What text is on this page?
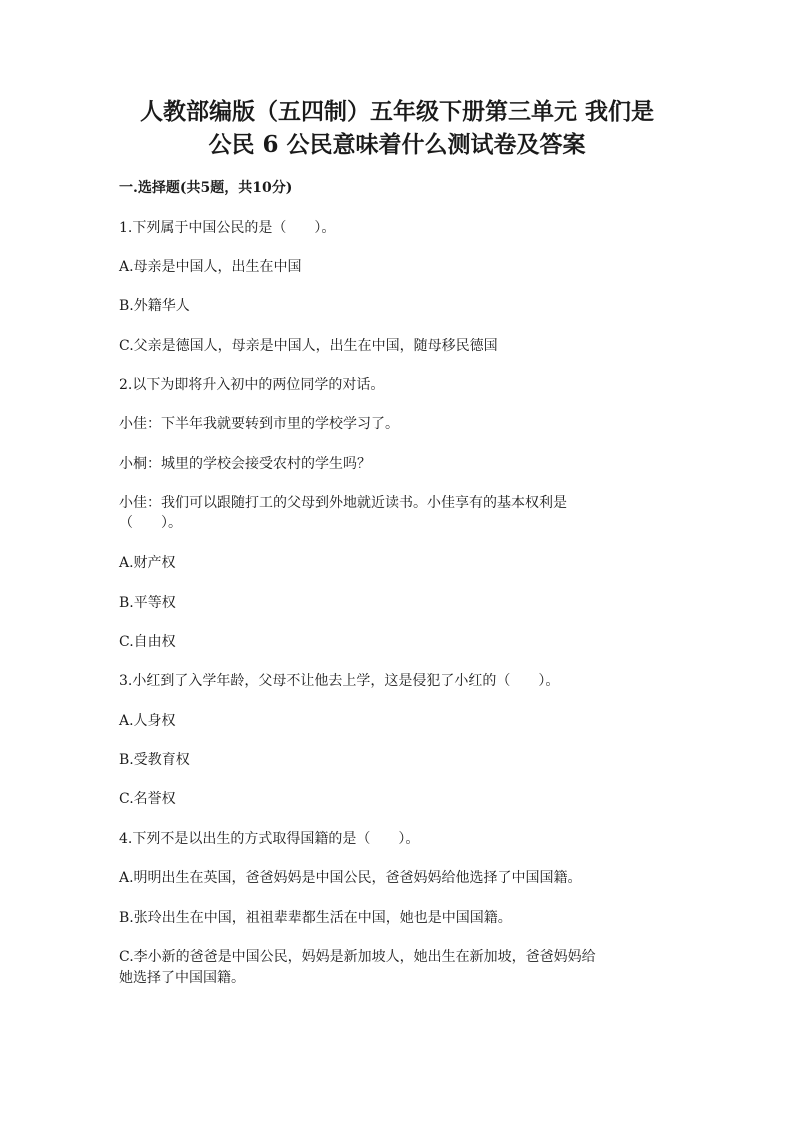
人教部编版（五四制）五年级下册第三单元 我们是
公民 6 公民意味着什么测试卷及答案

一.选择题(共5题，共10分)

1.下列属于中国公民的是（　　）。

A.母亲是中国人，出生在中国

B.外籍华人

C.父亲是德国人，母亲是中国人，出生在中国，随母移民德国

2.以下为即将升入初中的两位同学的对话。

小佳：下半年我就要转到市里的学校学习了。

小桐：城里的学校会接受农村的学生吗？

小佳：我们可以跟随打工的父母到外地就近读书。小佳享有的基本权利是

（　　）。

A.财产权

B.平等权

C.自由权

3.小红到了入学年龄，父母不让他去上学，这是侵犯了小红的（　　）。

A.人身权

B.受教育权

C.名誉权

4.下列不是以出生的方式取得国籍的是（　　）。

A.明明出生在英国，爸爸妈妈是中国公民，爸爸妈妈给他选择了中国国籍。

B.张玲出生在中国，祖祖辈辈都生活在中国，她也是中国国籍。

C.李小新的爸爸是中国公民，妈妈是新加坡人，她出生在新加坡，爸爸妈妈给

她选择了中国国籍。
